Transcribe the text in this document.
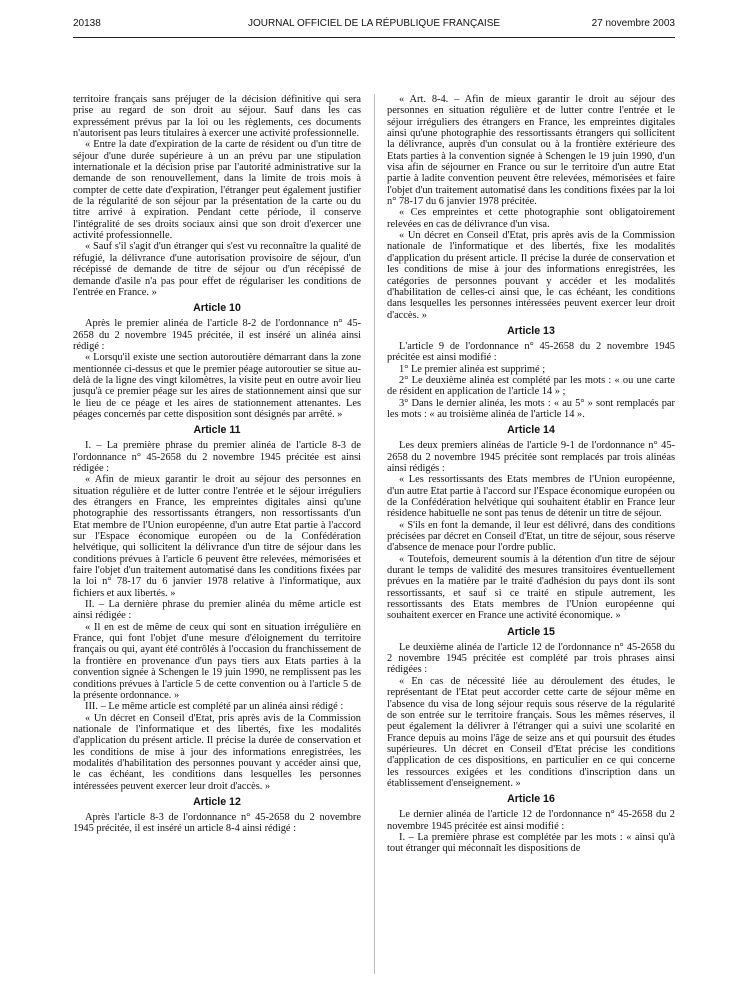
20138	JOURNAL OFFICIEL DE LA RÉPUBLIQUE FRANÇAISE	27 novembre 2003

territoire français sans préjuger de la décision définitive qui sera prise au regard de son droit au séjour. Sauf dans les cas expressément prévus par la loi ou les règlements, ces documents n'autorisent pas leurs titulaires à exercer une activité professionnelle.

« Entre la date d'expiration de la carte de résident ou d'un titre de séjour d'une durée supérieure à un an prévu par une stipulation internationale et la décision prise par l'autorité administrative sur la demande de son renouvellement, dans la limite de trois mois à compter de cette date d'expiration, l'étranger peut également justifier de la régularité de son séjour par la présentation de la carte ou du titre arrivé à expiration. Pendant cette période, il conserve l'intégralité de ses droits sociaux ainsi que son droit d'exercer une activité professionnelle.

« Sauf s'il s'agit d'un étranger qui s'est vu reconnaître la qualité de réfugié, la délivrance d'une autorisation provisoire de séjour, d'un récépissé de demande de titre de séjour ou d'un récépissé de demande d'asile n'a pas pour effet de régulariser les conditions de l'entrée en France. »

Article 10

Après le premier alinéa de l'article 8-2 de l'ordonnance n° 45-2658 du 2 novembre 1945 précitée, il est inséré un alinéa ainsi rédigé :

« Lorsqu'il existe une section autoroutière démarrant dans la zone mentionnée ci-dessus et que le premier péage autoroutier se situe au-delà de la ligne des vingt kilomètres, la visite peut en outre avoir lieu jusqu'à ce premier péage sur les aires de stationnement ainsi que sur le lieu de ce péage et les aires de stationnement attenantes. Les péages concernés par cette disposition sont désignés par arrêté. »

Article 11

I. – La première phrase du premier alinéa de l'article 8-3 de l'ordonnance n° 45-2658 du 2 novembre 1945 précitée est ainsi rédigée :

« Afin de mieux garantir le droit au séjour des personnes en situation régulière et de lutter contre l'entrée et le séjour irréguliers des étrangers en France, les empreintes digitales ainsi qu'une photographie des ressortissants étrangers, non ressortissants d'un Etat membre de l'Union européenne, d'un autre Etat partie à l'accord sur l'Espace économique européen ou de la Confédération helvétique, qui sollicitent la délivrance d'un titre de séjour dans les conditions prévues à l'article 6 peuvent être relevées, mémorisées et faire l'objet d'un traitement automatisé dans les conditions fixées par la loi n° 78-17 du 6 janvier 1978 relative à l'informatique, aux fichiers et aux libertés. »

II. – La dernière phrase du premier alinéa du même article est ainsi rédigée :

« Il en est de même de ceux qui sont en situation irrégulière en France, qui font l'objet d'une mesure d'éloignement du territoire français ou qui, ayant été contrôlés à l'occasion du franchissement de la frontière en provenance d'un pays tiers aux Etats parties à la convention signée à Schengen le 19 juin 1990, ne remplissent pas les conditions prévues à l'article 5 de cette convention ou à l'article 5 de la présente ordonnance. »

III. – Le même article est complété par un alinéa ainsi rédigé :

« Un décret en Conseil d'Etat, pris après avis de la Commission nationale de l'informatique et des libertés, fixe les modalités d'application du présent article. Il précise la durée de conservation et les conditions de mise à jour des informations enregistrées, les modalités d'habilitation des personnes pouvant y accéder ainsi que, le cas échéant, les conditions dans lesquelles les personnes intéressées peuvent exercer leur droit d'accès. »

Article 12

Après l'article 8-3 de l'ordonnance n° 45-2658 du 2 novembre 1945 précitée, il est inséré un article 8-4 ainsi rédigé :

« Art. 8-4. – Afin de mieux garantir le droit au séjour des personnes en situation régulière et de lutter contre l'entrée et le séjour irréguliers des étrangers en France, les empreintes digitales ainsi qu'une photographie des ressortissants étrangers qui sollicitent la délivrance, auprès d'un consulat ou à la frontière extérieure des Etats parties à la convention signée à Schengen le 19 juin 1990, d'un visa afin de séjourner en France ou sur le territoire d'un autre Etat partie à ladite convention peuvent être relevées, mémorisées et faire l'objet d'un traitement automatisé dans les conditions fixées par la loi n° 78-17 du 6 janvier 1978 précitée.

« Ces empreintes et cette photographie sont obligatoirement relevées en cas de délivrance d'un visa.

« Un décret en Conseil d'Etat, pris après avis de la Commission nationale de l'informatique et des libertés, fixe les modalités d'application du présent article. Il précise la durée de conservation et les conditions de mise à jour des informations enregistrées, les catégories de personnes pouvant y accéder et les modalités d'habilitation de celles-ci ainsi que, le cas échéant, les conditions dans lesquelles les personnes intéressées peuvent exercer leur droit d'accès. »

Article 13

L'article 9 de l'ordonnance n° 45-2658 du 2 novembre 1945 précitée est ainsi modifié :

1° Le premier alinéa est supprimé ;

2° Le deuxième alinéa est complété par les mots : « ou une carte de résident en application de l'article 14 » ;

3° Dans le dernier alinéa, les mots : « au 5° » sont remplacés par les mots : « au troisième alinéa de l'article 14 ».

Article 14

Les deux premiers alinéas de l'article 9-1 de l'ordonnance n° 45-2658 du 2 novembre 1945 précitée sont remplacés par trois alinéas ainsi rédigés :

« Les ressortissants des Etats membres de l'Union européenne, d'un autre Etat partie à l'accord sur l'Espace économique européen ou de la Confédération helvétique qui souhaitent établir en France leur résidence habituelle ne sont pas tenus de détenir un titre de séjour.

« S'ils en font la demande, il leur est délivré, dans des conditions précisées par décret en Conseil d'Etat, un titre de séjour, sous réserve d'absence de menace pour l'ordre public.

« Toutefois, demeurent soumis à la détention d'un titre de séjour durant le temps de validité des mesures transitoires éventuellement prévues en la matière par le traité d'adhésion du pays dont ils sont ressortissants, et sauf si ce traité en stipule autrement, les ressortissants des Etats membres de l'Union européenne qui souhaitent exercer en France une activité économique. »

Article 15

Le deuxième alinéa de l'article 12 de l'ordonnance n° 45-2658 du 2 novembre 1945 précitée est complété par trois phrases ainsi rédigées :

« En cas de nécessité liée au déroulement des études, le représentant de l'Etat peut accorder cette carte de séjour même en l'absence du visa de long séjour requis sous réserve de la régularité de son entrée sur le territoire français. Sous les mêmes réserves, il peut également la délivrer à l'étranger qui a suivi une scolarité en France depuis au moins l'âge de seize ans et qui poursuit des études supérieures. Un décret en Conseil d'Etat précise les conditions d'application de ces dispositions, en particulier en ce qui concerne les ressources exigées et les conditions d'inscription dans un établissement d'enseignement. »

Article 16

Le dernier alinéa de l'article 12 de l'ordonnance n° 45-2658 du 2 novembre 1945 précitée est ainsi modifié :

I. – La première phrase est complétée par les mots : « ainsi qu'à tout étranger qui méconnaît les dispositions de
